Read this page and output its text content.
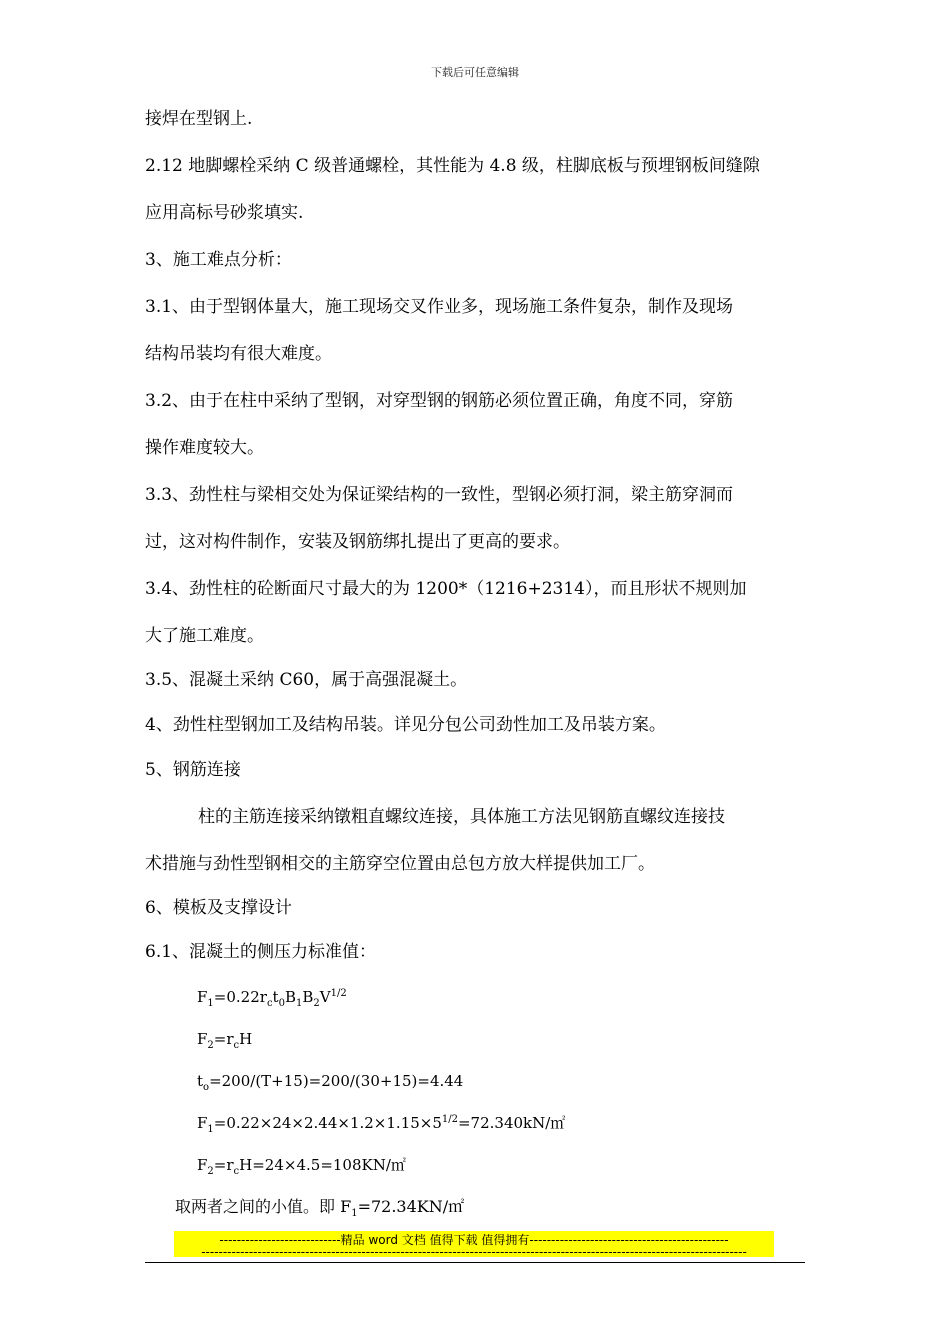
下载后可任意编辑
接焊在型钢上.
2.12 地脚螺栓采纳 C 级普通螺栓，其性能为 4.8 级，柱脚底板与预埋钢板间缝隙
应用高标号砂浆填实.
3、施工难点分析：
3.1、由于型钢体量大，施工现场交叉作业多，现场施工条件复杂，制作及现场
结构吊装均有很大难度。
3.2、由于在柱中采纳了型钢，对穿型钢的钢筋必须位置正确，角度不同，穿筋
操作难度较大。
3.3、劲性柱与梁相交处为保证梁结构的一致性，型钢必须打洞，梁主筋穿洞而
过，这对构件制作，安装及钢筋绑扎提出了更高的要求。
3.4、劲性柱的砼断面尺寸最大的为 1200*（1216+2314），而且形状不规则加
大了施工难度。
3.5、混凝土采纳 C60，属于高强混凝土。
4、劲性柱型钢加工及结构吊装。详见分包公司劲性加工及吊装方案。
5、钢筋连接
柱的主筋连接采纳镦粗直螺纹连接，具体施工方法见钢筋直螺纹连接技
术措施与劲性型钢相交的主筋穿空位置由总包方放大样提供加工厂。
6、模板及支撑设计
6.1、混凝土的侧压力标准值：
$F_1=0.22r_ct_0B_1B_2V^{1/2}$
$F_2=r_cH$
$t_o=200/(T+15)=200/(30+15)=4.44$
$F_1=0.22\times 24\times 2.44\times 1.2\times 1.15\times 5^{1/2}=72.340kN/㎡$
$F_2=r_cH=24\times 4.5=108KN/㎡$
取两者之间的小值。即 $F_1=72.34KN/㎡$
----------------------------精品 word 文档 值得下载 值得拥有----------------------------------------------
------------------------------------------------------------------------------------------------------------------------------
